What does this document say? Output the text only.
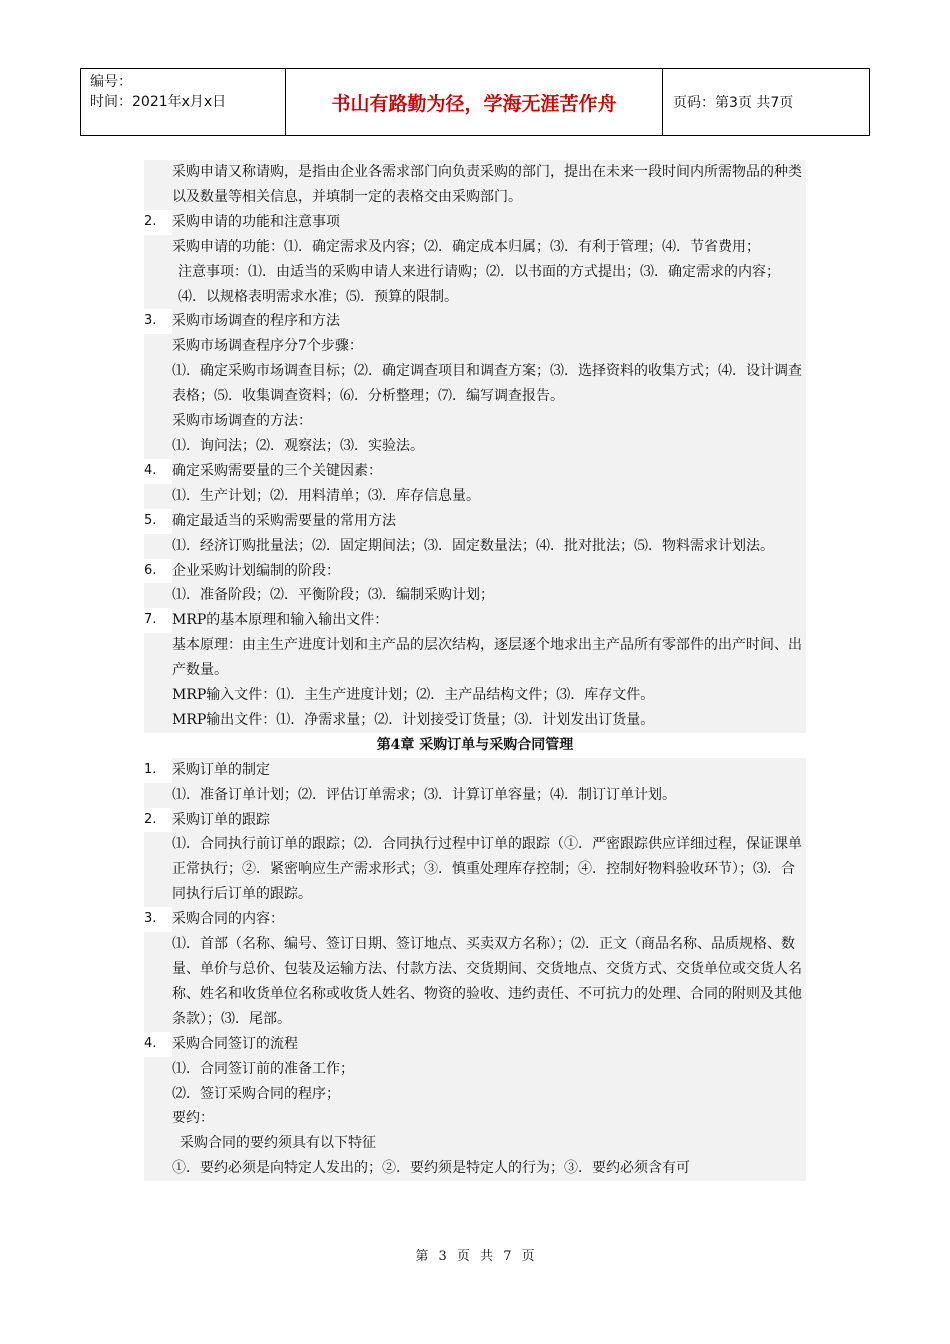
编号：
时间：2021年x月x日	书山有路勤为径，学海无涯苦作舟	页码：第3页 共7页

采购申请又称请购，是指由企业各需求部门向负责采购的部门，提出在未来一段时间内所需物品的种类以及数量等相关信息，并填制一定的表格交由采购部门。

2. 采购申请的功能和注意事项

采购申请的功能：⑴．确定需求及内容；⑵．确定成本归属；⑶．有利于管理；⑷．节省费用；

注意事项：⑴．由适当的采购申请人来进行请购；⑵．以书面的方式提出；⑶．确定需求的内容；⑷．以规格表明需求水准；⑸．预算的限制。

3. 采购市场调查的程序和方法

采购市场调查程序分7个步骤：

⑴．确定采购市场调查目标；⑵．确定调查项目和调查方案；⑶．选择资料的收集方式；⑷．设计调查表格；⑸．收集调查资料；⑹．分析整理；⑺．编写调查报告。

采购市场调查的方法：

⑴．询问法；⑵．观察法；⑶．实验法。

4. 确定采购需要量的三个关键因素：

⑴．生产计划；⑵．用料清单；⑶．库存信息量。

5. 确定最适当的采购需要量的常用方法

⑴．经济订购批量法；⑵．固定期间法；⑶．固定数量法；⑷．批对批法；⑸．物料需求计划法。

6. 企业采购计划编制的阶段：

⑴．准备阶段；⑵．平衡阶段；⑶．编制采购计划；

7. MRP的基本原理和输入输出文件：

基本原理：由主生产进度计划和主产品的层次结构，逐层逐个地求出主产品所有零部件的出产时间、出产数量。

MRP输入文件：⑴．主生产进度计划；⑵．主产品结构文件；⑶．库存文件。

MRP输出文件：⑴．净需求量；⑵．计划接受订货量；⑶．计划发出订货量。

第4章 采购订单与采购合同管理

1. 采购订单的制定

⑴．准备订单计划；⑵．评估订单需求；⑶．计算订单容量；⑷．制订订单计划。

2. 采购订单的跟踪

⑴．合同执行前订单的跟踪；⑵．合同执行过程中订单的跟踪（①．严密跟踪供应详细过程，保证课单正常执行；②．紧密响应生产需求形式；③．慎重处理库存控制；④．控制好物料验收环节）；⑶．合同执行后订单的跟踪。

3. 采购合同的内容：

⑴．首部（名称、编号、签订日期、签订地点、买卖双方名称）；⑵．正文（商品名称、品质规格、数量、单价与总价、包装及运输方法、付款方法、交货期间、交货地点、交货方式、交货单位或交货人名称、姓名和收货单位名称或收货人姓名、物资的验收、违约责任、不可抗力的处理、合同的附则及其他条款）；⑶．尾部。

4. 采购合同签订的流程

⑴．合同签订前的准备工作；

⑵．签订采购合同的程序；

要约：

采购合同的要约须具有以下特征

①．要约必须是向特定人发出的；②．要约须是特定人的行为；③．要约必须含有可

第 3 页 共 7 页
